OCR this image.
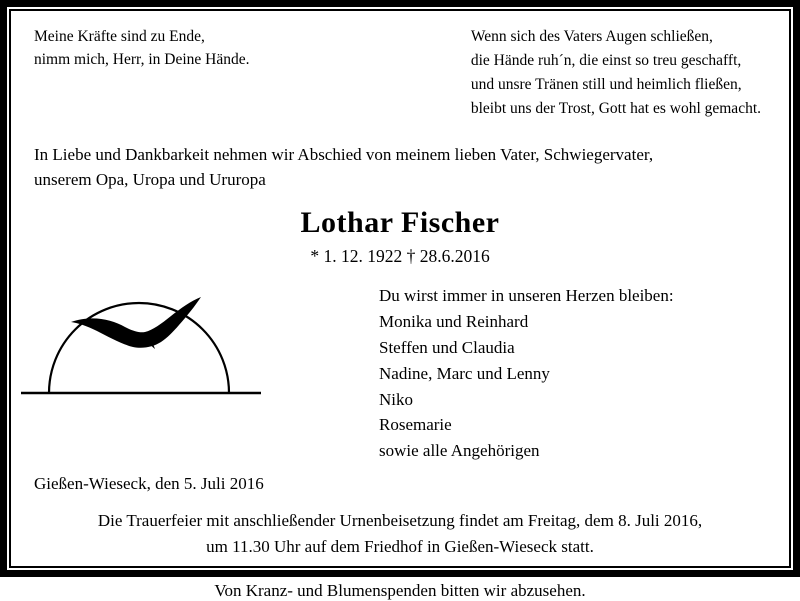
Meine Kräfte sind zu Ende,
nimm mich, Herr, in Deine Hände.
Wenn sich des Vaters Augen schließen,
die Hände ruh´n, die einst so treu geschafft,
und unsre Tränen still und heimlich fließen,
bleibt uns der Trost, Gott hat es wohl gemacht.
In Liebe und Dankbarkeit nehmen wir Abschied von meinem lieben Vater, Schwiegervater,
unserem Opa, Uropa und Ururopa
Lothar Fischer
* 1. 12. 1922 † 28.6.2016
Du wirst immer in unseren Herzen bleiben:
Monika und Reinhard
Steffen und Claudia
Nadine, Marc und Lenny
Niko
Rosemarie
sowie alle Angehörigen
Gießen-Wieseck, den 5. Juli 2016
Die Trauerfeier mit anschließender Urnenbeisetzung findet am Freitag, dem 8. Juli 2016,
um 11.30 Uhr auf dem Friedhof in Gießen-Wieseck statt.
Von Kranz- und Blumenspenden bitten wir abzusehen.
